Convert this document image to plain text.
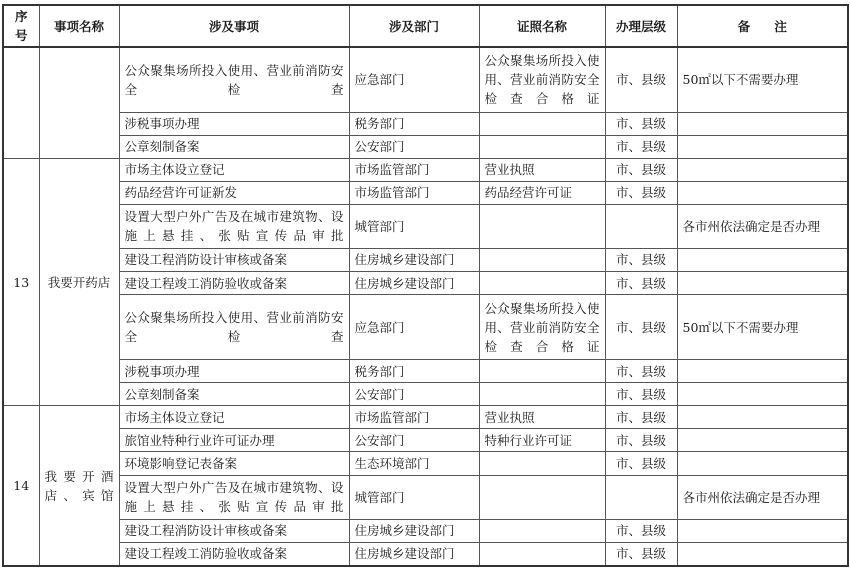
序号	事项名称	涉及事项	涉及部门	证照名称	办理层级	备 注
		公众聚集场所投入使用、营业前消防安全检查	应急部门	公众聚集场所投入使用、营业前消防安全检查合格证	市、县级	50㎡以下不需要办理
		涉税事项办理	税务部门		市、县级	
		公章刻制备案	公安部门		市、县级	
13	我要开药店	市场主体设立登记	市场监管部门	营业执照	市、县级	
		药品经营许可证新发	市场监管部门	药品经营许可证	市、县级	
		设置大型户外广告及在城市建筑物、设施上悬挂、张贴宣传品审批	城管部门			各市州依法确定是否办理
		建设工程消防设计审核或备案	住房城乡建设部门		市、县级	
		建设工程竣工消防验收或备案	住房城乡建设部门		市、县级	
		公众聚集场所投入使用、营业前消防安全检查	应急部门	公众聚集场所投入使用、营业前消防安全检查合格证	市、县级	50㎡以下不需要办理
		涉税事项办理	税务部门		市、县级	
		公章刻制备案	公安部门		市、县级	
14	我要开酒店、宾馆	市场主体设立登记	市场监管部门	营业执照	市、县级	
		旅馆业特种行业许可证办理	公安部门	特种行业许可证	市、县级	
		环境影响登记表备案	生态环境部门		市、县级	
		设置大型户外广告及在城市建筑物、设施上悬挂、张贴宣传品审批	城管部门			各市州依法确定是否办理
		建设工程消防设计审核或备案	住房城乡建设部门		市、县级	
		建设工程竣工消防验收或备案	住房城乡建设部门		市、县级	
